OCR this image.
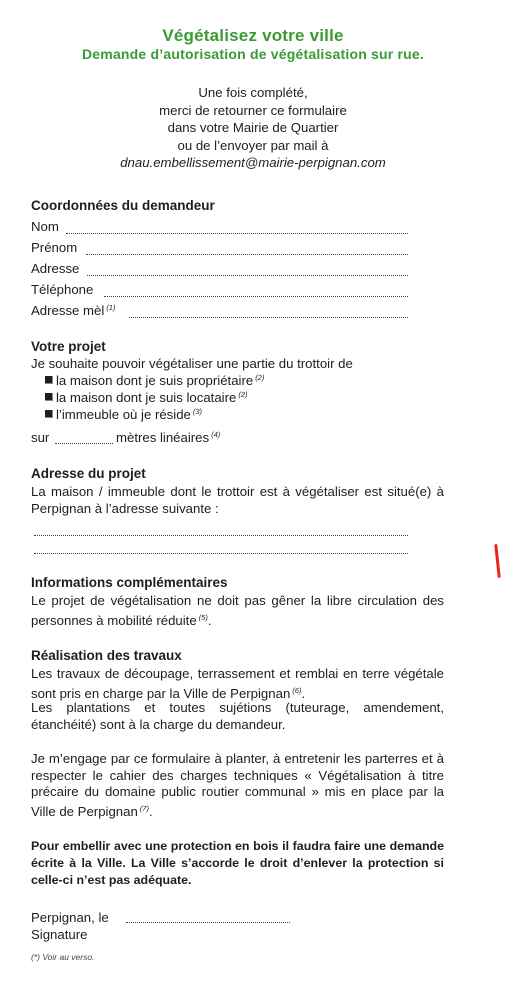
Végétalisez votre ville
Demande d’autorisation de végétalisation sur rue.
Une fois complété,
merci de retourner ce formulaire
dans votre Mairie de Quartier
ou de l’envoyer par mail à
dnau.embellissement@mairie-perpignan.com
Coordonnées du demandeur
Nom
Prénom
Adresse
Téléphone
Adresse mèl $^{(1)}$
Votre projet
Je souhaite pouvoir végétaliser une partie du trottoir de
la maison dont je suis propriétaire $^{(2)}$
la maison dont je suis locataire $^{(2)}$
l’immeuble où je réside $^{(3)}$
sur	mètres linéaires $^{(4)}$
Adresse du projet
La maison / immeuble dont le trottoir est à végétaliser est situé(e) à Perpignan à l’adresse suivante :
Informations complémentaires
Le projet de végétalisation ne doit pas gêner la libre circulation des personnes à mobilité réduite $^{(5)}$.
Réalisation des travaux
Les travaux de découpage, terrassement et remblai en terre végétale sont pris en charge par la Ville de Perpignan $^{(6)}$.
Les plantations et toutes sujétions (tuteurage, amendement, étanchéité) sont à la charge du demandeur.
Je m’engage par ce formulaire à planter, à entretenir les parterres et à respecter le cahier des charges techniques « Végétalisation à titre précaire du domaine public routier communal » mis en place par la Ville de Perpignan $^{(7)}$.
Pour embellir avec une protection en bois il faudra faire une demande écrite à la Ville. La Ville s’accorde le droit d’enlever la protection si celle-ci n’est pas adéquate.
Perpignan, le
Signature
(*) Voir au verso.
